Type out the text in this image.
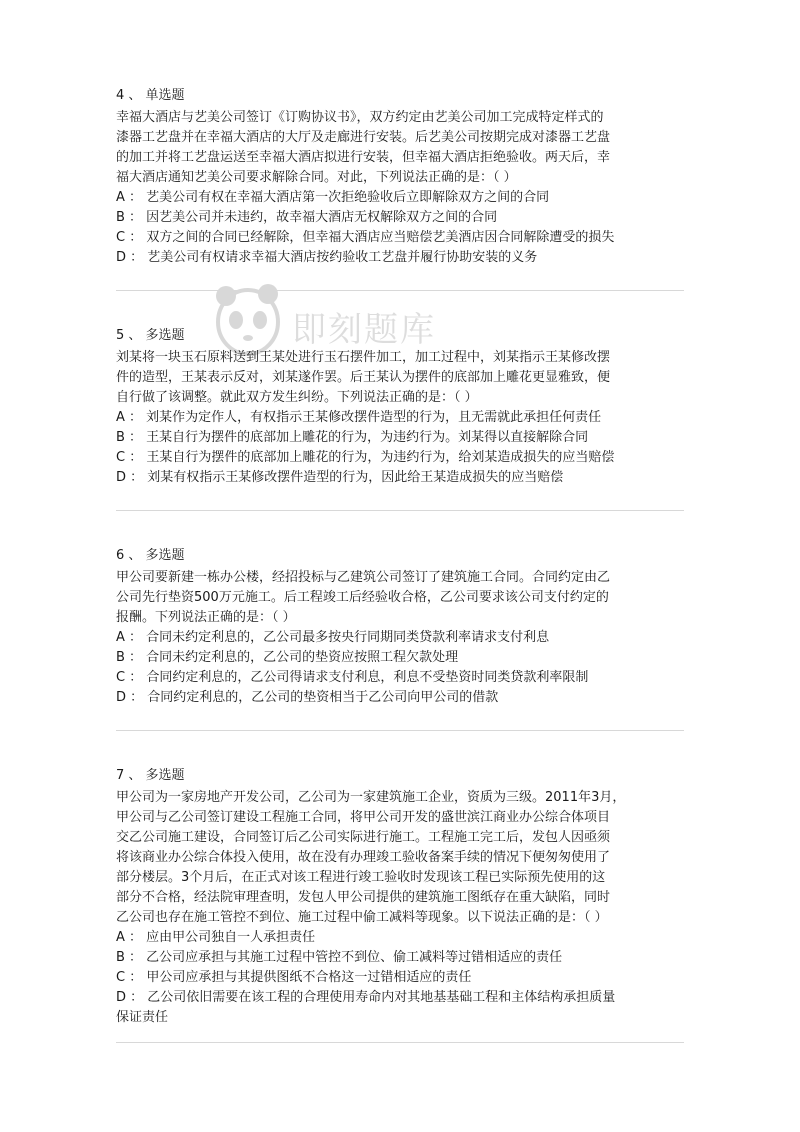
即刻题库
4 、 单选题

幸福大酒店与艺美公司签订《订购协议书》，双方约定由艺美公司加工完成特定样式的

漆器工艺盘并在幸福大酒店的大厅及走廊进行安装。后艺美公司按期完成对漆器工艺盘

的加工并将工艺盘运送至幸福大酒店拟进行安装，但幸福大酒店拒绝验收。两天后，幸

福大酒店通知艺美公司要求解除合同。对此，下列说法正确的是：（ ）

A ： 艺美公司有权在幸福大酒店第一次拒绝验收后立即解除双方之间的合同

B ： 因艺美公司并未违约，故幸福大酒店无权解除双方之间的合同

C ： 双方之间的合同已经解除，但幸福大酒店应当赔偿艺美酒店因合同解除遭受的损失

D ： 艺美公司有权请求幸福大酒店按约验收工艺盘并履行协助安装的义务

5 、 多选题

刘某将一块玉石原料送到王某处进行玉石摆件加工，加工过程中，刘某指示王某修改摆

件的造型，王某表示反对，刘某遂作罢。后王某认为摆件的底部加上雕花更显雅致，便

自行做了该调整。就此双方发生纠纷。下列说法正确的是：（ ）

A ： 刘某作为定作人，有权指示王某修改摆件造型的行为，且无需就此承担任何责任

B ： 王某自行为摆件的底部加上雕花的行为，为违约行为。刘某得以直接解除合同

C ： 王某自行为摆件的底部加上雕花的行为，为违约行为，给刘某造成损失的应当赔偿

D ： 刘某有权指示王某修改摆件造型的行为，因此给王某造成损失的应当赔偿

6 、 多选题

甲公司要新建一栋办公楼，经招投标与乙建筑公司签订了建筑施工合同。合同约定由乙

公司先行垫资500万元施工。后工程竣工后经验收合格，乙公司要求该公司支付约定的

报酬。下列说法正确的是：（ ）

A ： 合同未约定利息的，乙公司最多按央行同期同类贷款利率请求支付利息

B ： 合同未约定利息的，乙公司的垫资应按照工程欠款处理

C ： 合同约定利息的，乙公司得请求支付利息，利息不受垫资时同类贷款利率限制

D ： 合同约定利息的，乙公司的垫资相当于乙公司向甲公司的借款

7 、 多选题

甲公司为一家房地产开发公司，乙公司为一家建筑施工企业，资质为三级。2011年3月，

甲公司与乙公司签订建设工程施工合同，将甲公司开发的盛世滨江商业办公综合体项目

交乙公司施工建设，合同签订后乙公司实际进行施工。工程施工完工后，发包人因亟须

将该商业办公综合体投入使用，故在没有办理竣工验收备案手续的情况下便匆匆使用了

部分楼层。3个月后，在正式对该工程进行竣工验收时发现该工程已实际预先使用的这

部分不合格，经法院审理查明，发包人甲公司提供的建筑施工图纸存在重大缺陷，同时

乙公司也存在施工管控不到位、施工过程中偷工减料等现象。以下说法正确的是：（ ）

A ： 应由甲公司独自一人承担责任

B ： 乙公司应承担与其施工过程中管控不到位、偷工减料等过错相适应的责任

C ： 甲公司应承担与其提供图纸不合格这一过错相适应的责任

D ： 乙公司依旧需要在该工程的合理使用寿命内对其地基基础工程和主体结构承担质量

保证责任
